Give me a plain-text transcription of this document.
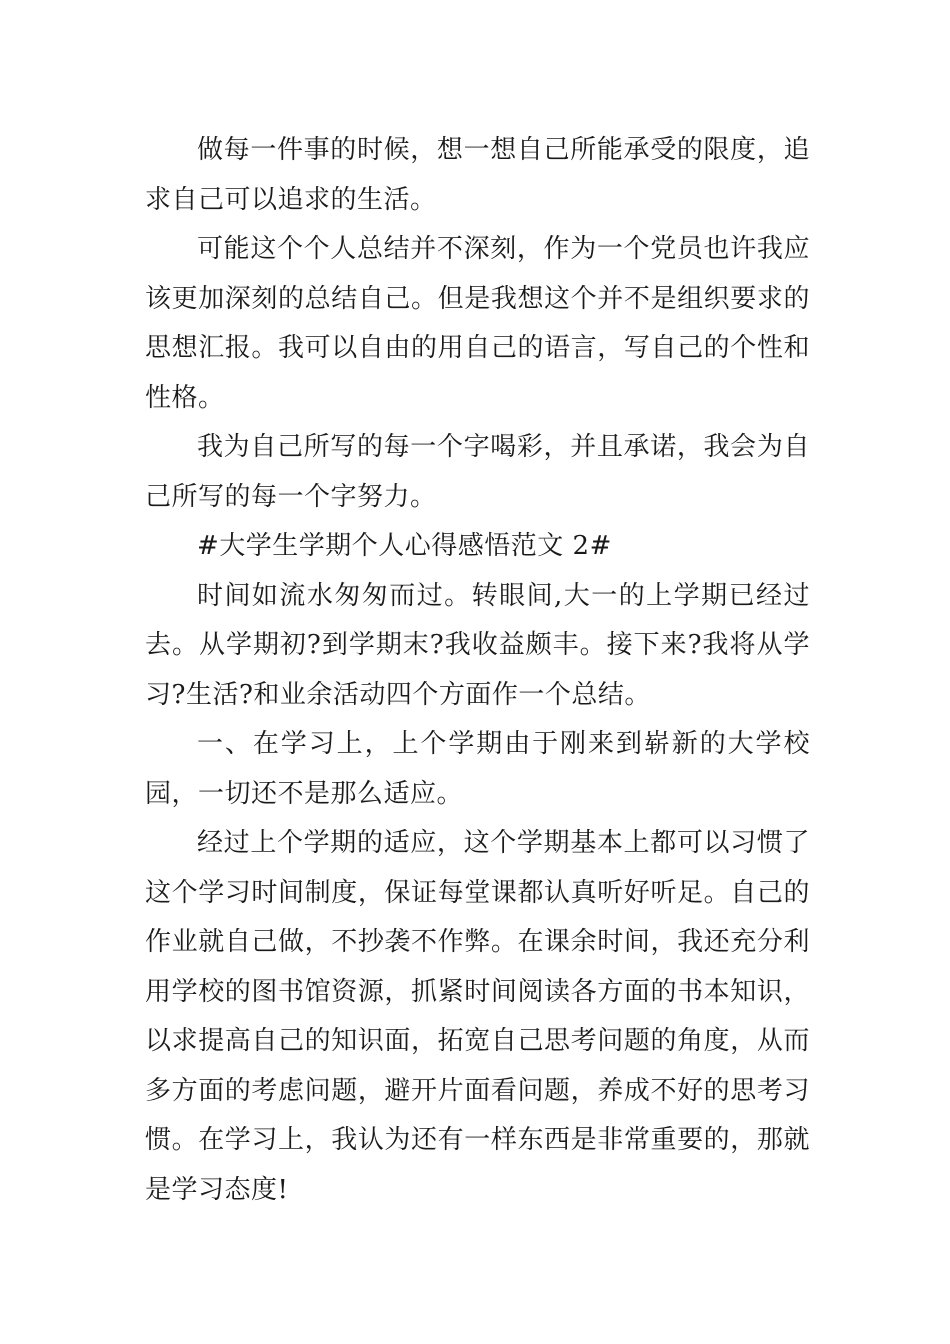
做每一件事的时候，想一想自己所能承受的限度，追求自己可以追求的生活。

可能这个个人总结并不深刻，作为一个党员也许我应该更加深刻的总结自己。但是我想这个并不是组织要求的思想汇报。我可以自由的用自己的语言，写自己的个性和性格。

我为自己所写的每一个字喝彩，并且承诺，我会为自己所写的每一个字努力。

#大学生学期个人心得感悟范文 2#

时间如流水匆匆而过。转眼间,大一的上学期已经过去。从学期初?到学期末?我收益颇丰。接下来?我将从学习?生活?和业余活动四个方面作一个总结。

一、在学习上，上个学期由于刚来到崭新的大学校园，一切还不是那么适应。

经过上个学期的适应，这个学期基本上都可以习惯了这个学习时间制度，保证每堂课都认真听好听足。自己的作业就自己做，不抄袭不作弊。在课余时间，我还充分利用学校的图书馆资源，抓紧时间阅读各方面的书本知识，以求提高自己的知识面，拓宽自己思考问题的角度，从而多方面的考虑问题，避开片面看问题，养成不好的思考习惯。在学习上，我认为还有一样东西是非常重要的，那就是学习态度!
